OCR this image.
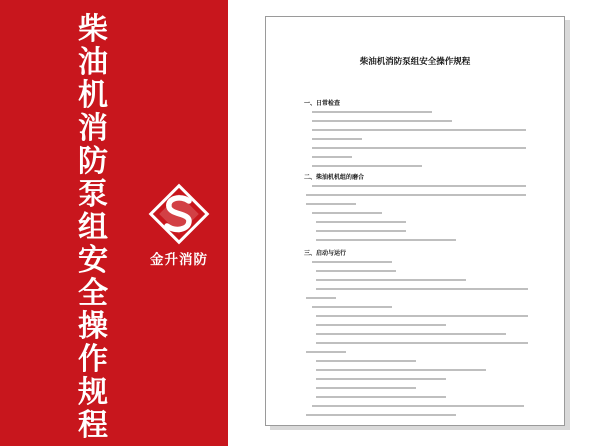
柴
油
机
消
防
泵
组
安
全
操
作
规
程
金升消防
柴油机消防泵组安全操作规程
一、日常检查
二、柴油机机组的磨合
三、启动与运行
